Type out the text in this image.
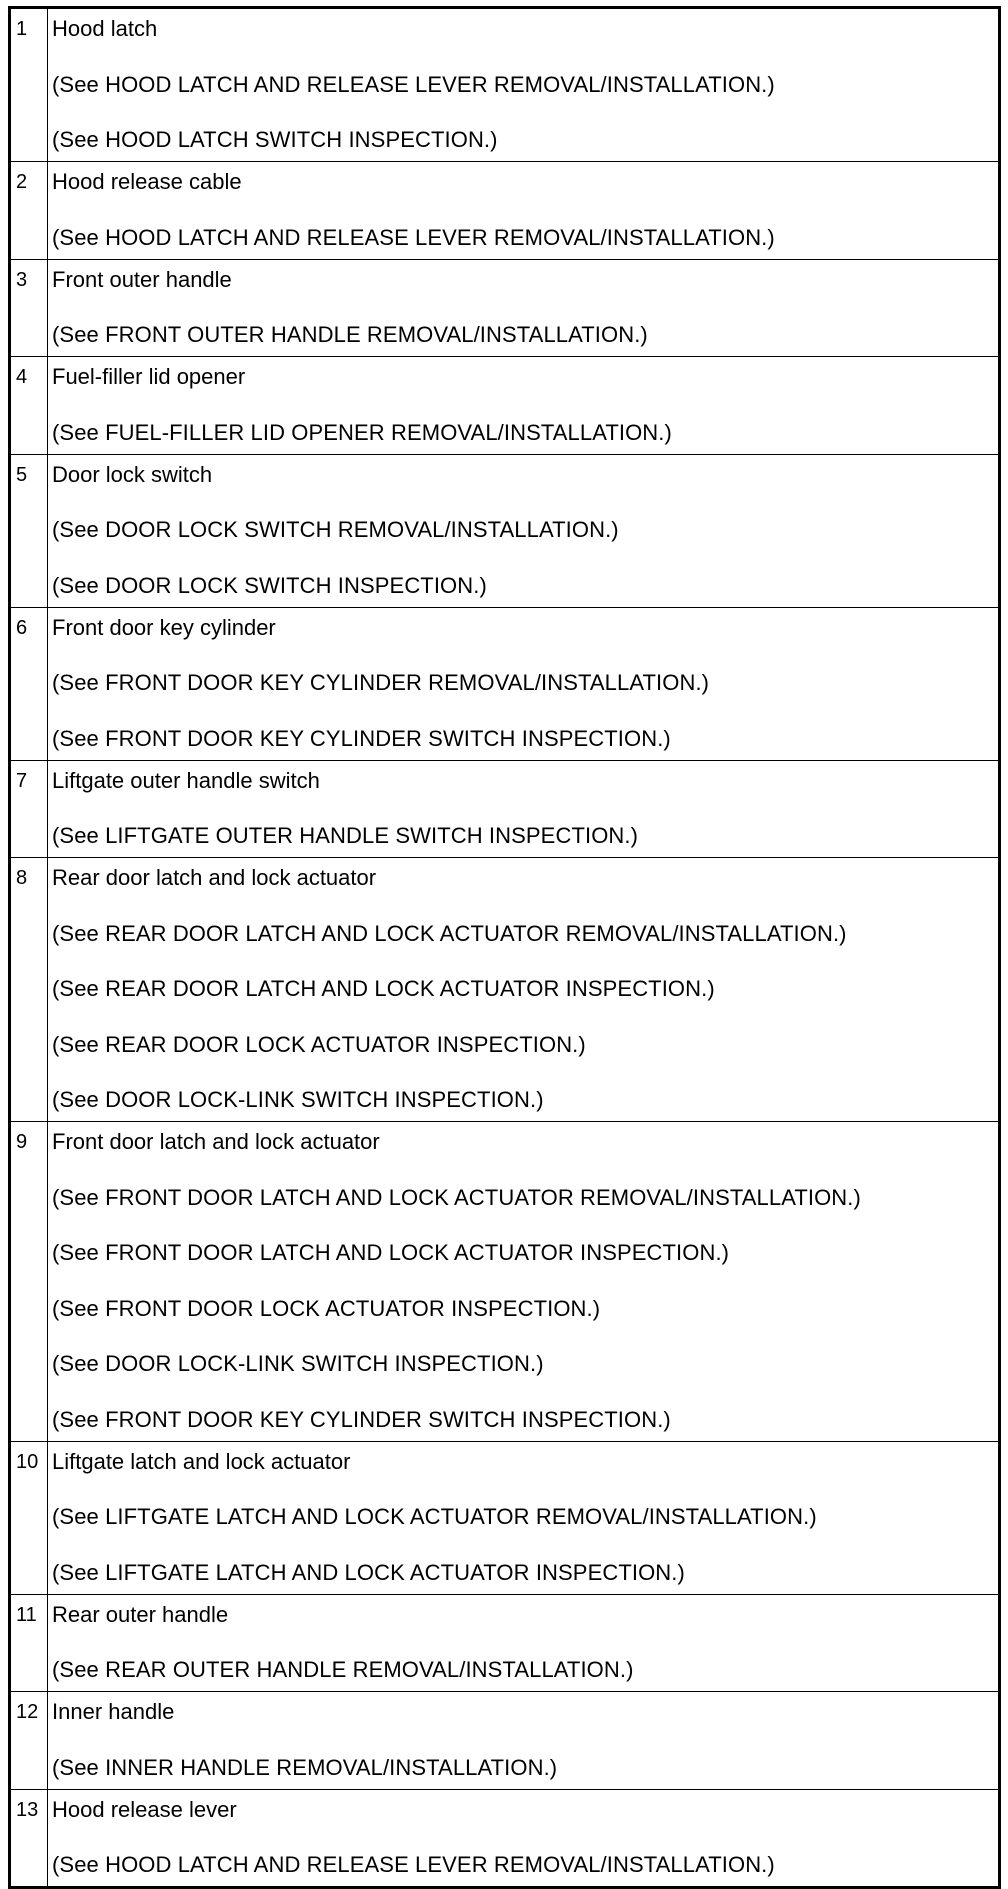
1	Hood latch
(See HOOD LATCH AND RELEASE LEVER REMOVAL/INSTALLATION.)
(See HOOD LATCH SWITCH INSPECTION.)
2	Hood release cable
(See HOOD LATCH AND RELEASE LEVER REMOVAL/INSTALLATION.)
3	Front outer handle
(See FRONT OUTER HANDLE REMOVAL/INSTALLATION.)
4	Fuel-filler lid opener
(See FUEL-FILLER LID OPENER REMOVAL/INSTALLATION.)
5	Door lock switch
(See DOOR LOCK SWITCH REMOVAL/INSTALLATION.)
(See DOOR LOCK SWITCH INSPECTION.)
6	Front door key cylinder
(See FRONT DOOR KEY CYLINDER REMOVAL/INSTALLATION.)
(See FRONT DOOR KEY CYLINDER SWITCH INSPECTION.)
7	Liftgate outer handle switch
(See LIFTGATE OUTER HANDLE SWITCH INSPECTION.)
8	Rear door latch and lock actuator
(See REAR DOOR LATCH AND LOCK ACTUATOR REMOVAL/INSTALLATION.)
(See REAR DOOR LATCH AND LOCK ACTUATOR INSPECTION.)
(See REAR DOOR LOCK ACTUATOR INSPECTION.)
(See DOOR LOCK-LINK SWITCH INSPECTION.)
9	Front door latch and lock actuator
(See FRONT DOOR LATCH AND LOCK ACTUATOR REMOVAL/INSTALLATION.)
(See FRONT DOOR LATCH AND LOCK ACTUATOR INSPECTION.)
(See FRONT DOOR LOCK ACTUATOR INSPECTION.)
(See DOOR LOCK-LINK SWITCH INSPECTION.)
(See FRONT DOOR KEY CYLINDER SWITCH INSPECTION.)
10 Liftgate latch and lock actuator
(See LIFTGATE LATCH AND LOCK ACTUATOR REMOVAL/INSTALLATION.)
(See LIFTGATE LATCH AND LOCK ACTUATOR INSPECTION.)
11 Rear outer handle
(See REAR OUTER HANDLE REMOVAL/INSTALLATION.)
12 Inner handle
(See INNER HANDLE REMOVAL/INSTALLATION.)
13 Hood release lever
(See HOOD LATCH AND RELEASE LEVER REMOVAL/INSTALLATION.)
